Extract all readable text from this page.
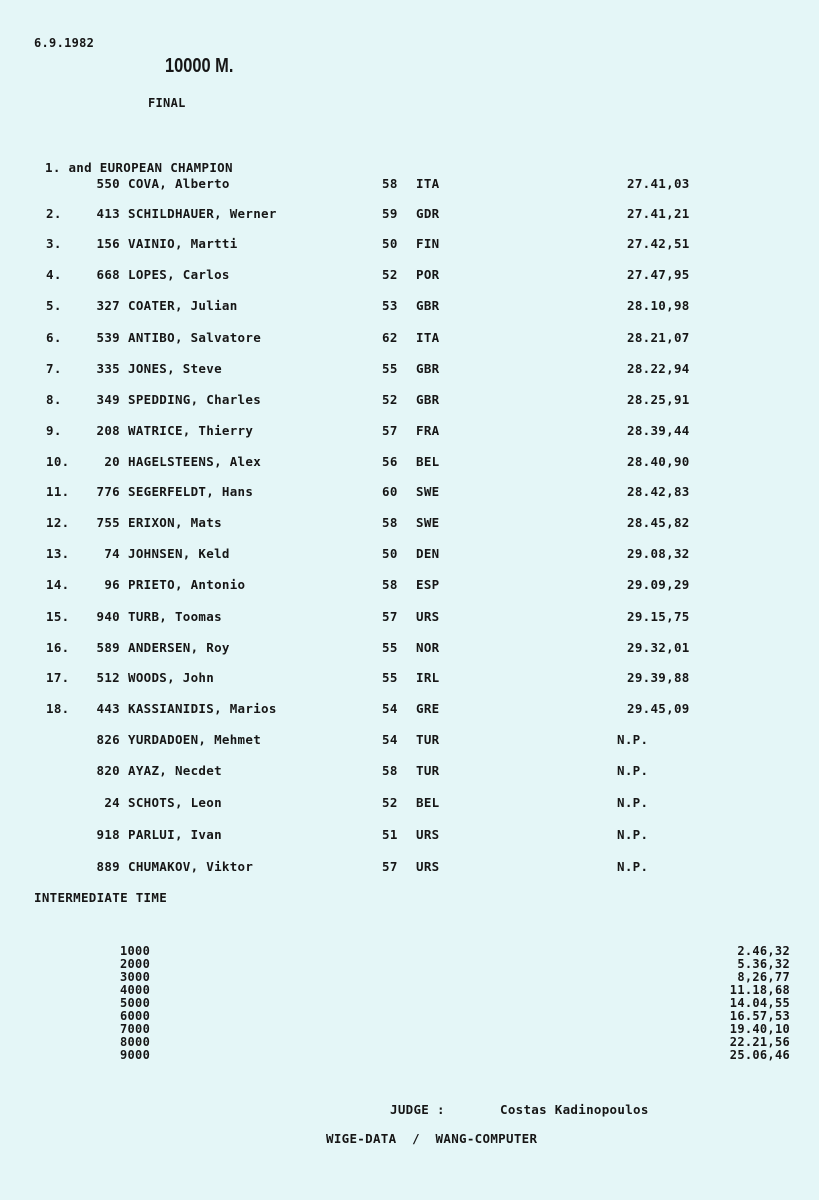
6.9.1982
10000 M.
FINAL
1. and EUROPEAN CHAMPION
550 COVA, Alberto	58 ITA	27.41,03
2.	413 SCHILDHAUER, Werner	59 GDR	27.41,21
3.	156 VAINIO, Martti	50 FIN	27.42,51
4.	668 LOPES, Carlos	52 POR	27.47,95
5.	327 COATER, Julian	53 GBR	28.10,98
6.	539 ANTIBO, Salvatore	62 ITA	28.21,07
7.	335 JONES, Steve	55 GBR	28.22,94
8.	349 SPEDDING, Charles	52 GBR	28.25,91
9.	208 WATRICE, Thierry	57 FRA	28.39,44
10.	20 HAGELSTEENS, Alex	56 BEL	28.40,90
11.	776 SEGERFELDT, Hans	60 SWE	28.42,83
12.	755 ERIXON, Mats	58 SWE	28.45,82
13.	74 JOHNSEN, Keld	50 DEN	29.08,32
14.	96 PRIETO, Antonio	58 ESP	29.09,29
15.	940 TURB, Toomas	57 URS	29.15,75
16.	589 ANDERSEN, Roy	55 NOR	29.32,01
17.	512 WOODS, John	55 IRL	29.39,88
18.	443 KASSIANIDIS, Marios	54 GRE	29.45,09
826 YURDADOEN, Mehmet	54 TUR	N.P.
820 AYAZ, Necdet	58 TUR	N.P.
24 SCHOTS, Leon	52 BEL	N.P.
918 PARLUI, Ivan	51 URS	N.P.
889 CHUMAKOV, Viktor	57 URS	N.P.
INTERMEDIATE TIME
1000	2.46,32
2000	5.36,32
3000	8,26,77
4000	11.18,68
5000	14.04,55
6000	16.57,53
7000	19.40,10
8000	22.21,56
9000	25.06,46
JUDGE :	Costas Kadinopoulos
WIGE-DATA  /  WANG-COMPUTER
